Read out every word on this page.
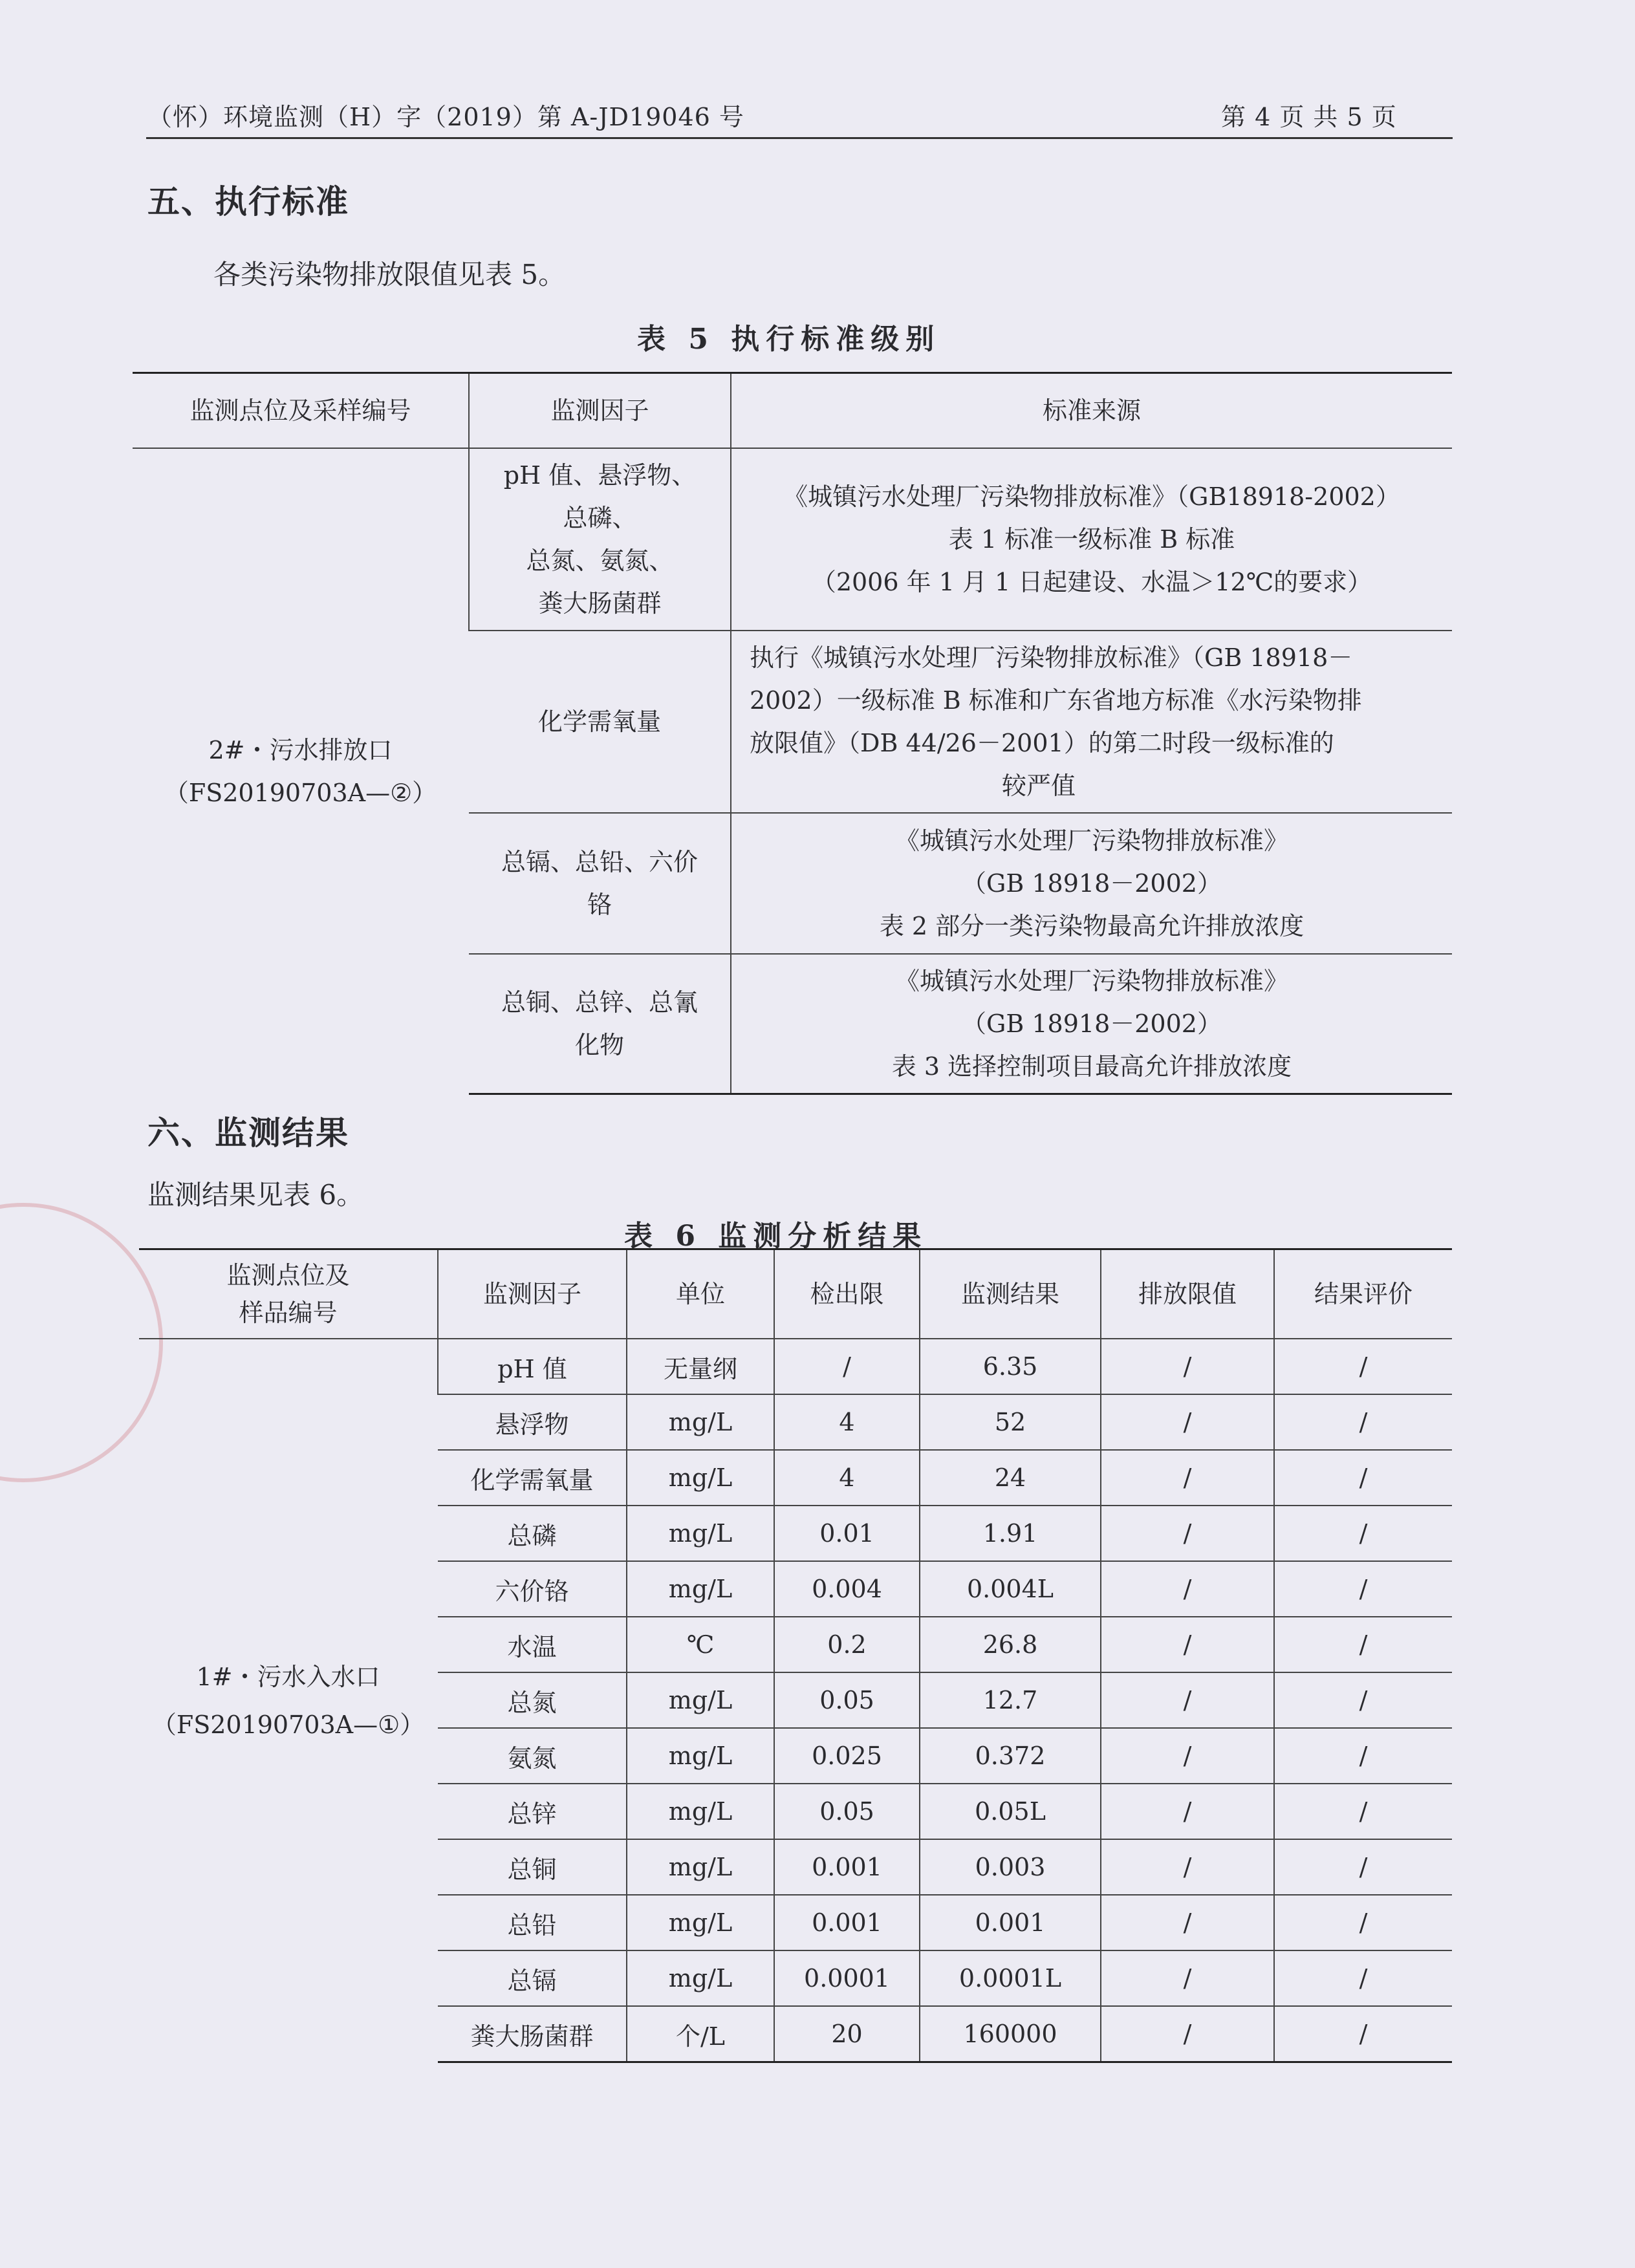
（怀）环境监测（H）字（2019）第 A-JD19046 号	第 4 页 共 5 页
五、执行标准
各类污染物排放限值见表 5。
表 5 执行标准级别
监测点位及采样编号	监测因子	标准来源

2#・污水排放口
（FS20190703A—②）	pH 值、悬浮物、
总磷、
总氮、氨氮、
粪大肠菌群	《城镇污水处理厂污染物排放标准》（GB18918-2002）
表 1 标准一级标准 B 标准
（2006 年 1 月 1 日起建设、水温＞12℃的要求）

	化学需氧量	执行《城镇污水处理厂污染物排放标准》（GB 18918－
2002）一级标准 B 标准和广东省地方标准《水污染物排
放限值》（DB 44/26－2001）的第二时段一级标准的
较严值

	总镉、总铅、六价
铬	《城镇污水处理厂污染物排放标准》
（GB 18918－2002）
表 2 部分一类污染物最高允许排放浓度

	总铜、总锌、总氰
化物	《城镇污水处理厂污染物排放标准》
（GB 18918－2002）
表 3 选择控制项目最高允许排放浓度
六、监测结果
监测结果见表 6。
表 6 监测分析结果
监测点位及
样品编号	监测因子	单位	检出限	监测结果	排放限值	结果评价

1#・污水入水口
（FS20190703A—①）	pH 值	无量纲	/	6.35	/	/
	悬浮物	mg/L	4	52	/	/
	化学需氧量	mg/L	4	24	/	/
	总磷	mg/L	0.01	1.91	/	/
	六价铬	mg/L	0.004	0.004L	/	/
	水温	℃	0.2	26.8	/	/
	总氮	mg/L	0.05	12.7	/	/
	氨氮	mg/L	0.025	0.372	/	/
	总锌	mg/L	0.05	0.05L	/	/
	总铜	mg/L	0.001	0.003	/	/
	总铅	mg/L	0.001	0.001	/	/
	总镉	mg/L	0.0001	0.0001L	/	/
	粪大肠菌群	个/L	20	160000	/	/
